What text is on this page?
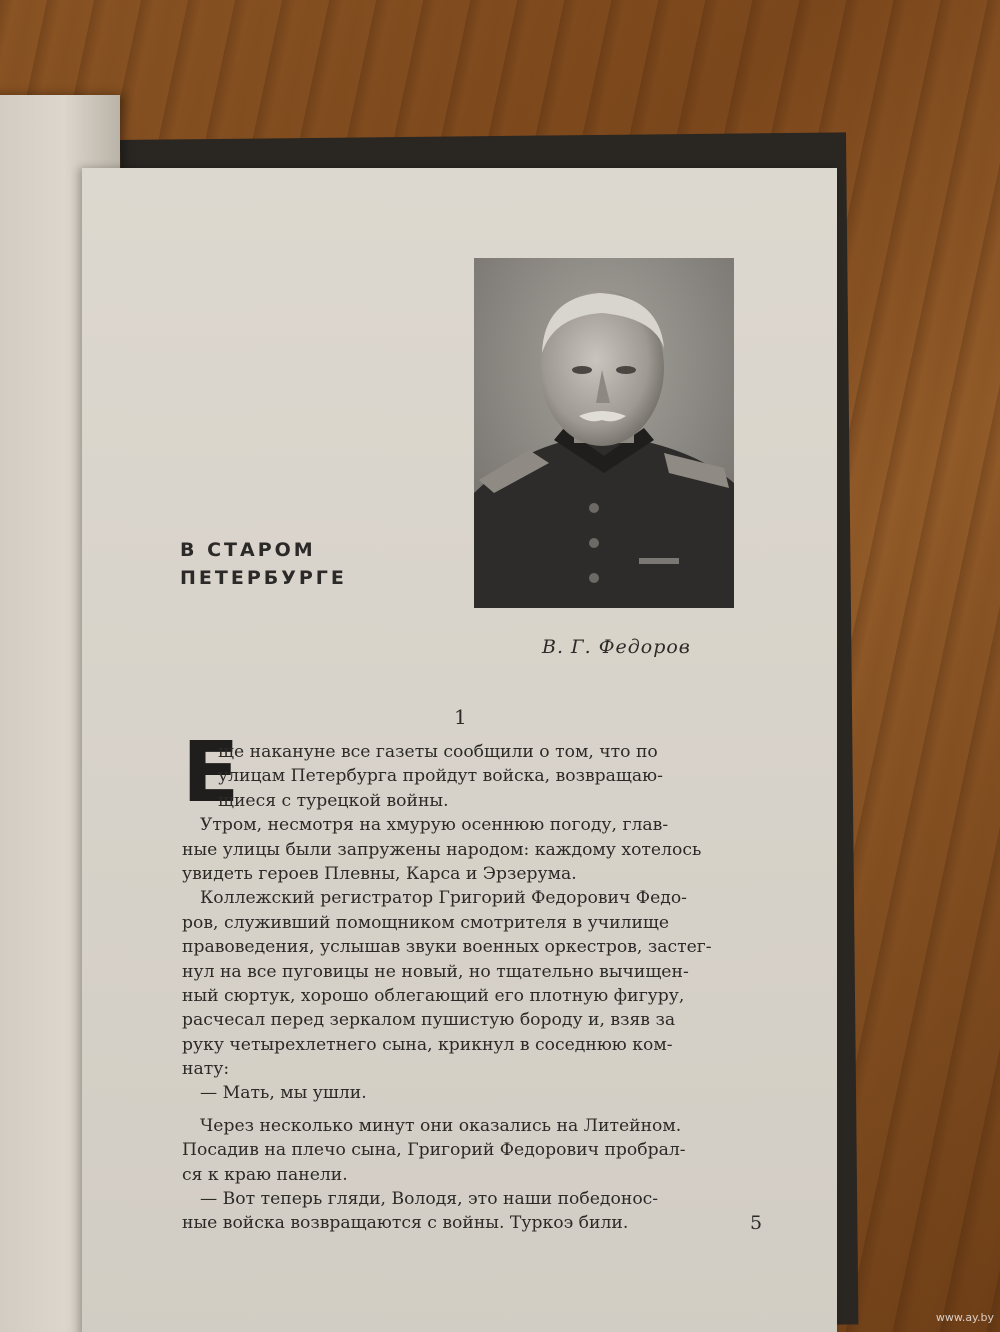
В СТАРОМ
ПЕТЕРБУРГЕ
В. Г. Федоров
1
Е
ще накануне все газеты сообщили о том, что по
улицам Петербурга пройдут войска, возвращаю-
щиеся с турецкой войны.
Утром, несмотря на хмурую осеннюю погоду, глав-
ные улицы были запружены народом: каждому хотелось
увидеть героев Плевны, Карса и Эрзерума.
Коллежский регистратор Григорий Федорович Федо-
ров, служивший помощником смотрителя в училище
правоведения, услышав звуки военных оркестров, застег-
нул на все пуговицы не новый, но тщательно вычищен-
ный сюртук, хорошо облегающий его плотную фигуру,
расчесал перед зеркалом пушистую бороду и, взяв за
руку четырехлетнего сына, крикнул в соседнюю ком-
нату:
— Мать, мы ушли.
Через несколько минут они оказались на Литейном.
Посадив на плечо сына, Григорий Федорович пробрал-
ся к краю панели.
— Вот теперь гляди, Володя, это наши победонос-
ные войска возвращаются с войны. Туркоэ били.	5
www.ay.by
